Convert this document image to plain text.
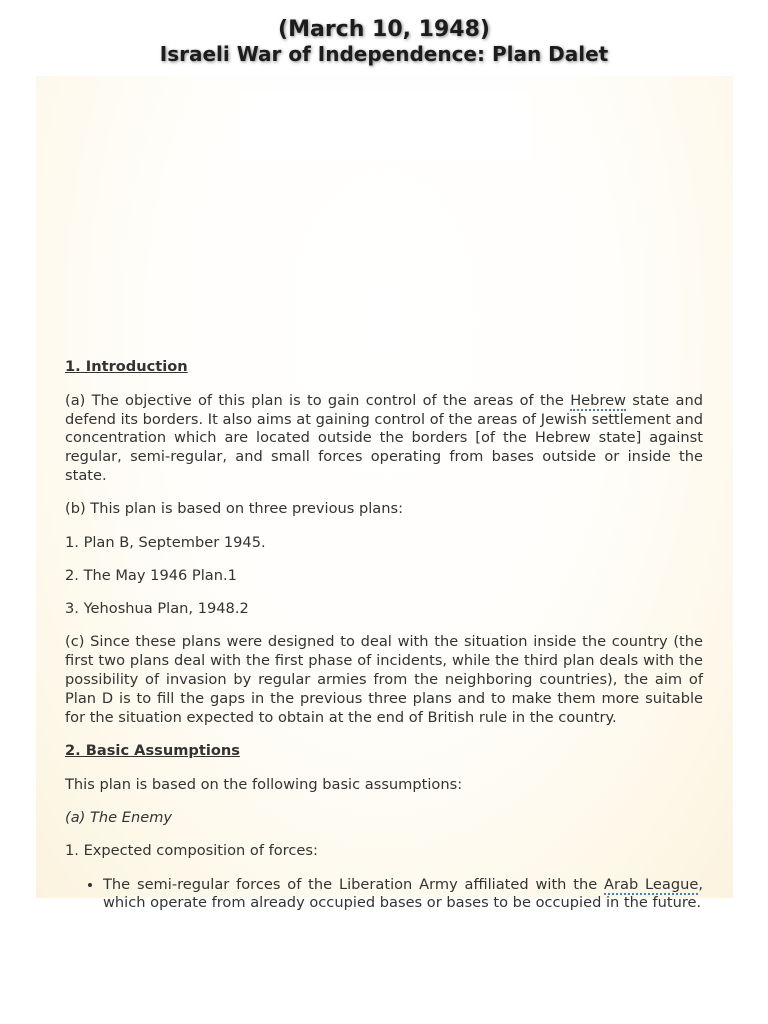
(March 10, 1948)
Israeli War of Independence: Plan Dalet

1. Introduction

(a) The objective of this plan is to gain control of the areas of the Hebrew state and defend its borders. It also aims at gaining control of the areas of Jewish settlement and concentration which are located outside the borders [of the Hebrew state] against regular, semi-regular, and small forces operating from bases outside or inside the state.

(b) This plan is based on three previous plans:

1. Plan B, September 1945.

2. The May 1946 Plan.1

3. Yehoshua Plan, 1948.2

(c) Since these plans were designed to deal with the situation inside the country (the first two plans deal with the first phase of incidents, while the third plan deals with the possibility of invasion by regular armies from the neighboring countries), the aim of Plan D is to fill the gaps in the previous three plans and to make them more suitable for the situation expected to obtain at the end of British rule in the country.

2. Basic Assumptions

This plan is based on the following basic assumptions:

(a) The Enemy

1. Expected composition of forces:

• The semi-regular forces of the Liberation Army affiliated with the Arab League, which operate from already occupied bases or bases to be occupied in the future.
